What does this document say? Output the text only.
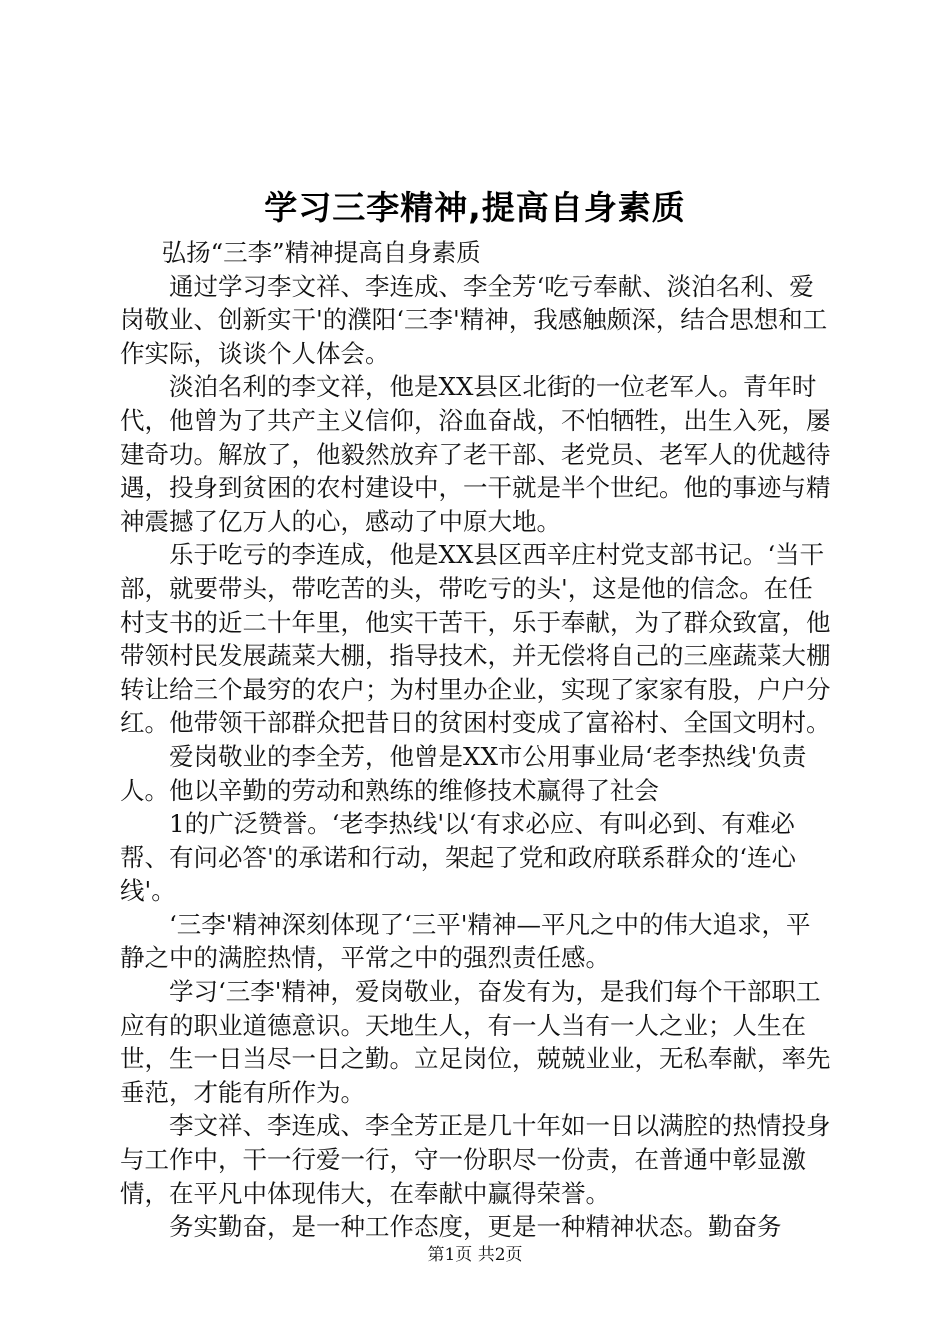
学习三李精神,提高自身素质

弘扬“三李”精神提高自身素质

通过学习李文祥、李连成、李全芳‘吃亏奉献、淡泊名利、爱岗敬业、创新实干'的濮阳‘三李'精神，我感触颇深，结合思想和工作实际，谈谈个人体会。

淡泊名利的李文祥，他是XX县区北街的一位老军人。青年时代，他曾为了共产主义信仰，浴血奋战，不怕牺牲，出生入死，屡建奇功。解放了，他毅然放弃了老干部、老党员、老军人的优越待遇，投身到贫困的农村建设中，一干就是半个世纪。他的事迹与精神震撼了亿万人的心，感动了中原大地。

乐于吃亏的李连成，他是XX县区西辛庄村党支部书记。‘当干部，就要带头，带吃苦的头，带吃亏的头'，这是他的信念。在任村支书的近二十年里，他实干苦干，乐于奉献，为了群众致富，他带领村民发展蔬菜大棚，指导技术，并无偿将自己的三座蔬菜大棚转让给三个最穷的农户；为村里办企业，实现了家家有股，户户分红。他带领干部群众把昔日的贫困村变成了富裕村、全国文明村。

爱岗敬业的李全芳，他曾是XX市公用事业局‘老李热线'负责人。他以辛勤的劳动和熟练的维修技术赢得了社会

1的广泛赞誉。‘老李热线'以‘有求必应、有叫必到、有难必帮、有问必答'的承诺和行动，架起了党和政府联系群众的‘连心线'。

‘三李'精神深刻体现了‘三平'精神—平凡之中的伟大追求，平静之中的满腔热情，平常之中的强烈责任感。

学习‘三李'精神，爱岗敬业，奋发有为，是我们每个干部职工应有的职业道德意识。天地生人，有一人当有一人之业；人生在世，生一日当尽一日之勤。立足岗位，兢兢业业，无私奉献，率先垂范，才能有所作为。

李文祥、李连成、李全芳正是几十年如一日以满腔的热情投身与工作中，干一行爱一行，守一份职尽一份责，在普通中彰显激情，在平凡中体现伟大，在奉献中赢得荣誉。

务实勤奋，是一种工作态度，更是一种精神状态。勤奋务

第1页 共2页
